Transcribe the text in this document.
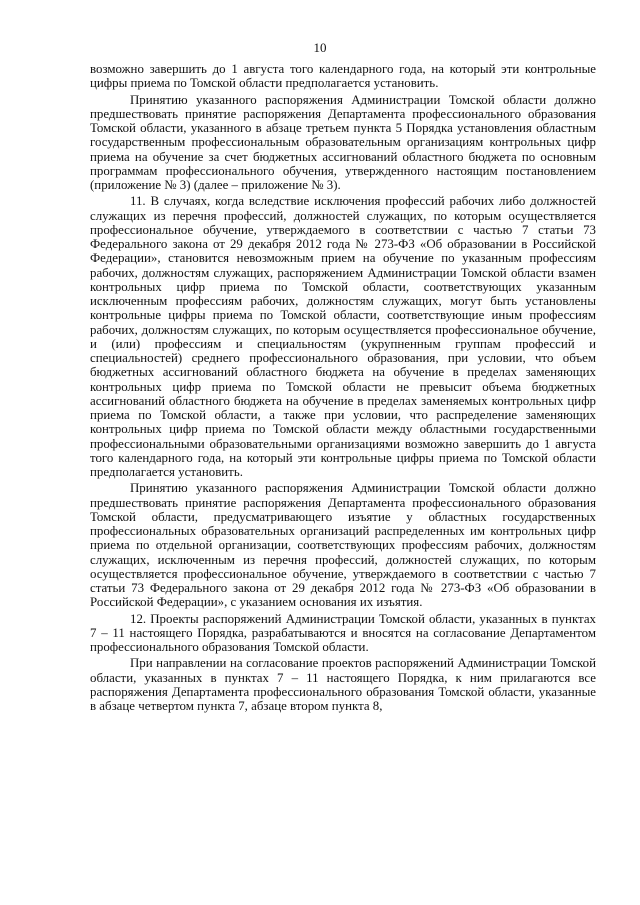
10

возможно завершить до 1 августа того календарного года, на который эти контрольные цифры приема по Томской области предполагается установить.

Принятию указанного распоряжения Администрации Томской области должно предшествовать принятие распоряжения Департамента профессионального образования Томской области, указанного в абзаце третьем пункта 5 Порядка установления областным государственным профессиональным образовательным организациям контрольных цифр приема на обучение за счет бюджетных ассигнований областного бюджета по основным программам профессионального обучения, утвержденного настоящим постановлением (приложение № 3) (далее – приложение № 3).

11. В случаях, когда вследствие исключения профессий рабочих либо должностей служащих из перечня профессий, должностей служащих, по которым осуществляется профессиональное обучение, утверждаемого в соответствии с частью 7 статьи 73 Федерального закона от 29 декабря 2012 года № 273-ФЗ «Об образовании в Российской Федерации», становится невозможным прием на обучение по указанным профессиям рабочих, должностям служащих, распоряжением Администрации Томской области взамен контрольных цифр приема по Томской области, соответствующих указанным исключенным профессиям рабочих, должностям служащих, могут быть установлены контрольные цифры приема по Томской области, соответствующие иным профессиям рабочих, должностям служащих, по которым осуществляется профессиональное обучение, и (или) профессиям и специальностям (укрупненным группам профессий и специальностей) среднего профессионального образования, при условии, что объем бюджетных ассигнований областного бюджета на обучение в пределах заменяющих контрольных цифр приема по Томской области не превысит объема бюджетных ассигнований областного бюджета на обучение в пределах заменяемых контрольных цифр приема по Томской области, а также при условии, что распределение заменяющих контрольных цифр приема по Томской области между областными государственными профессиональными образовательными организациями возможно завершить до 1 августа того календарного года, на который эти контрольные цифры приема по Томской области предполагается установить.

Принятию указанного распоряжения Администрации Томской области должно предшествовать принятие распоряжения Департамента профессионального образования Томской области, предусматривающего изъятие у областных государственных профессиональных образовательных организаций распределенных им контрольных цифр приема по отдельной организации, соответствующих профессиям рабочих, должностям служащих, исключенным из перечня профессий, должностей служащих, по которым осуществляется профессиональное обучение, утверждаемого в соответствии с частью 7 статьи 73 Федерального закона от 29 декабря 2012 года № 273-ФЗ «Об образовании в Российской Федерации», с указанием основания их изъятия.

12. Проекты распоряжений Администрации Томской области, указанных в пунктах 7 – 11 настоящего Порядка, разрабатываются и вносятся на согласование Департаментом профессионального образования Томской области.

При направлении на согласование проектов распоряжений Администрации Томской области, указанных в пунктах 7 – 11 настоящего Порядка, к ним прилагаются все распоряжения Департамента профессионального образования Томской области, указанные в абзаце четвертом пункта 7, абзаце втором пункта 8,
